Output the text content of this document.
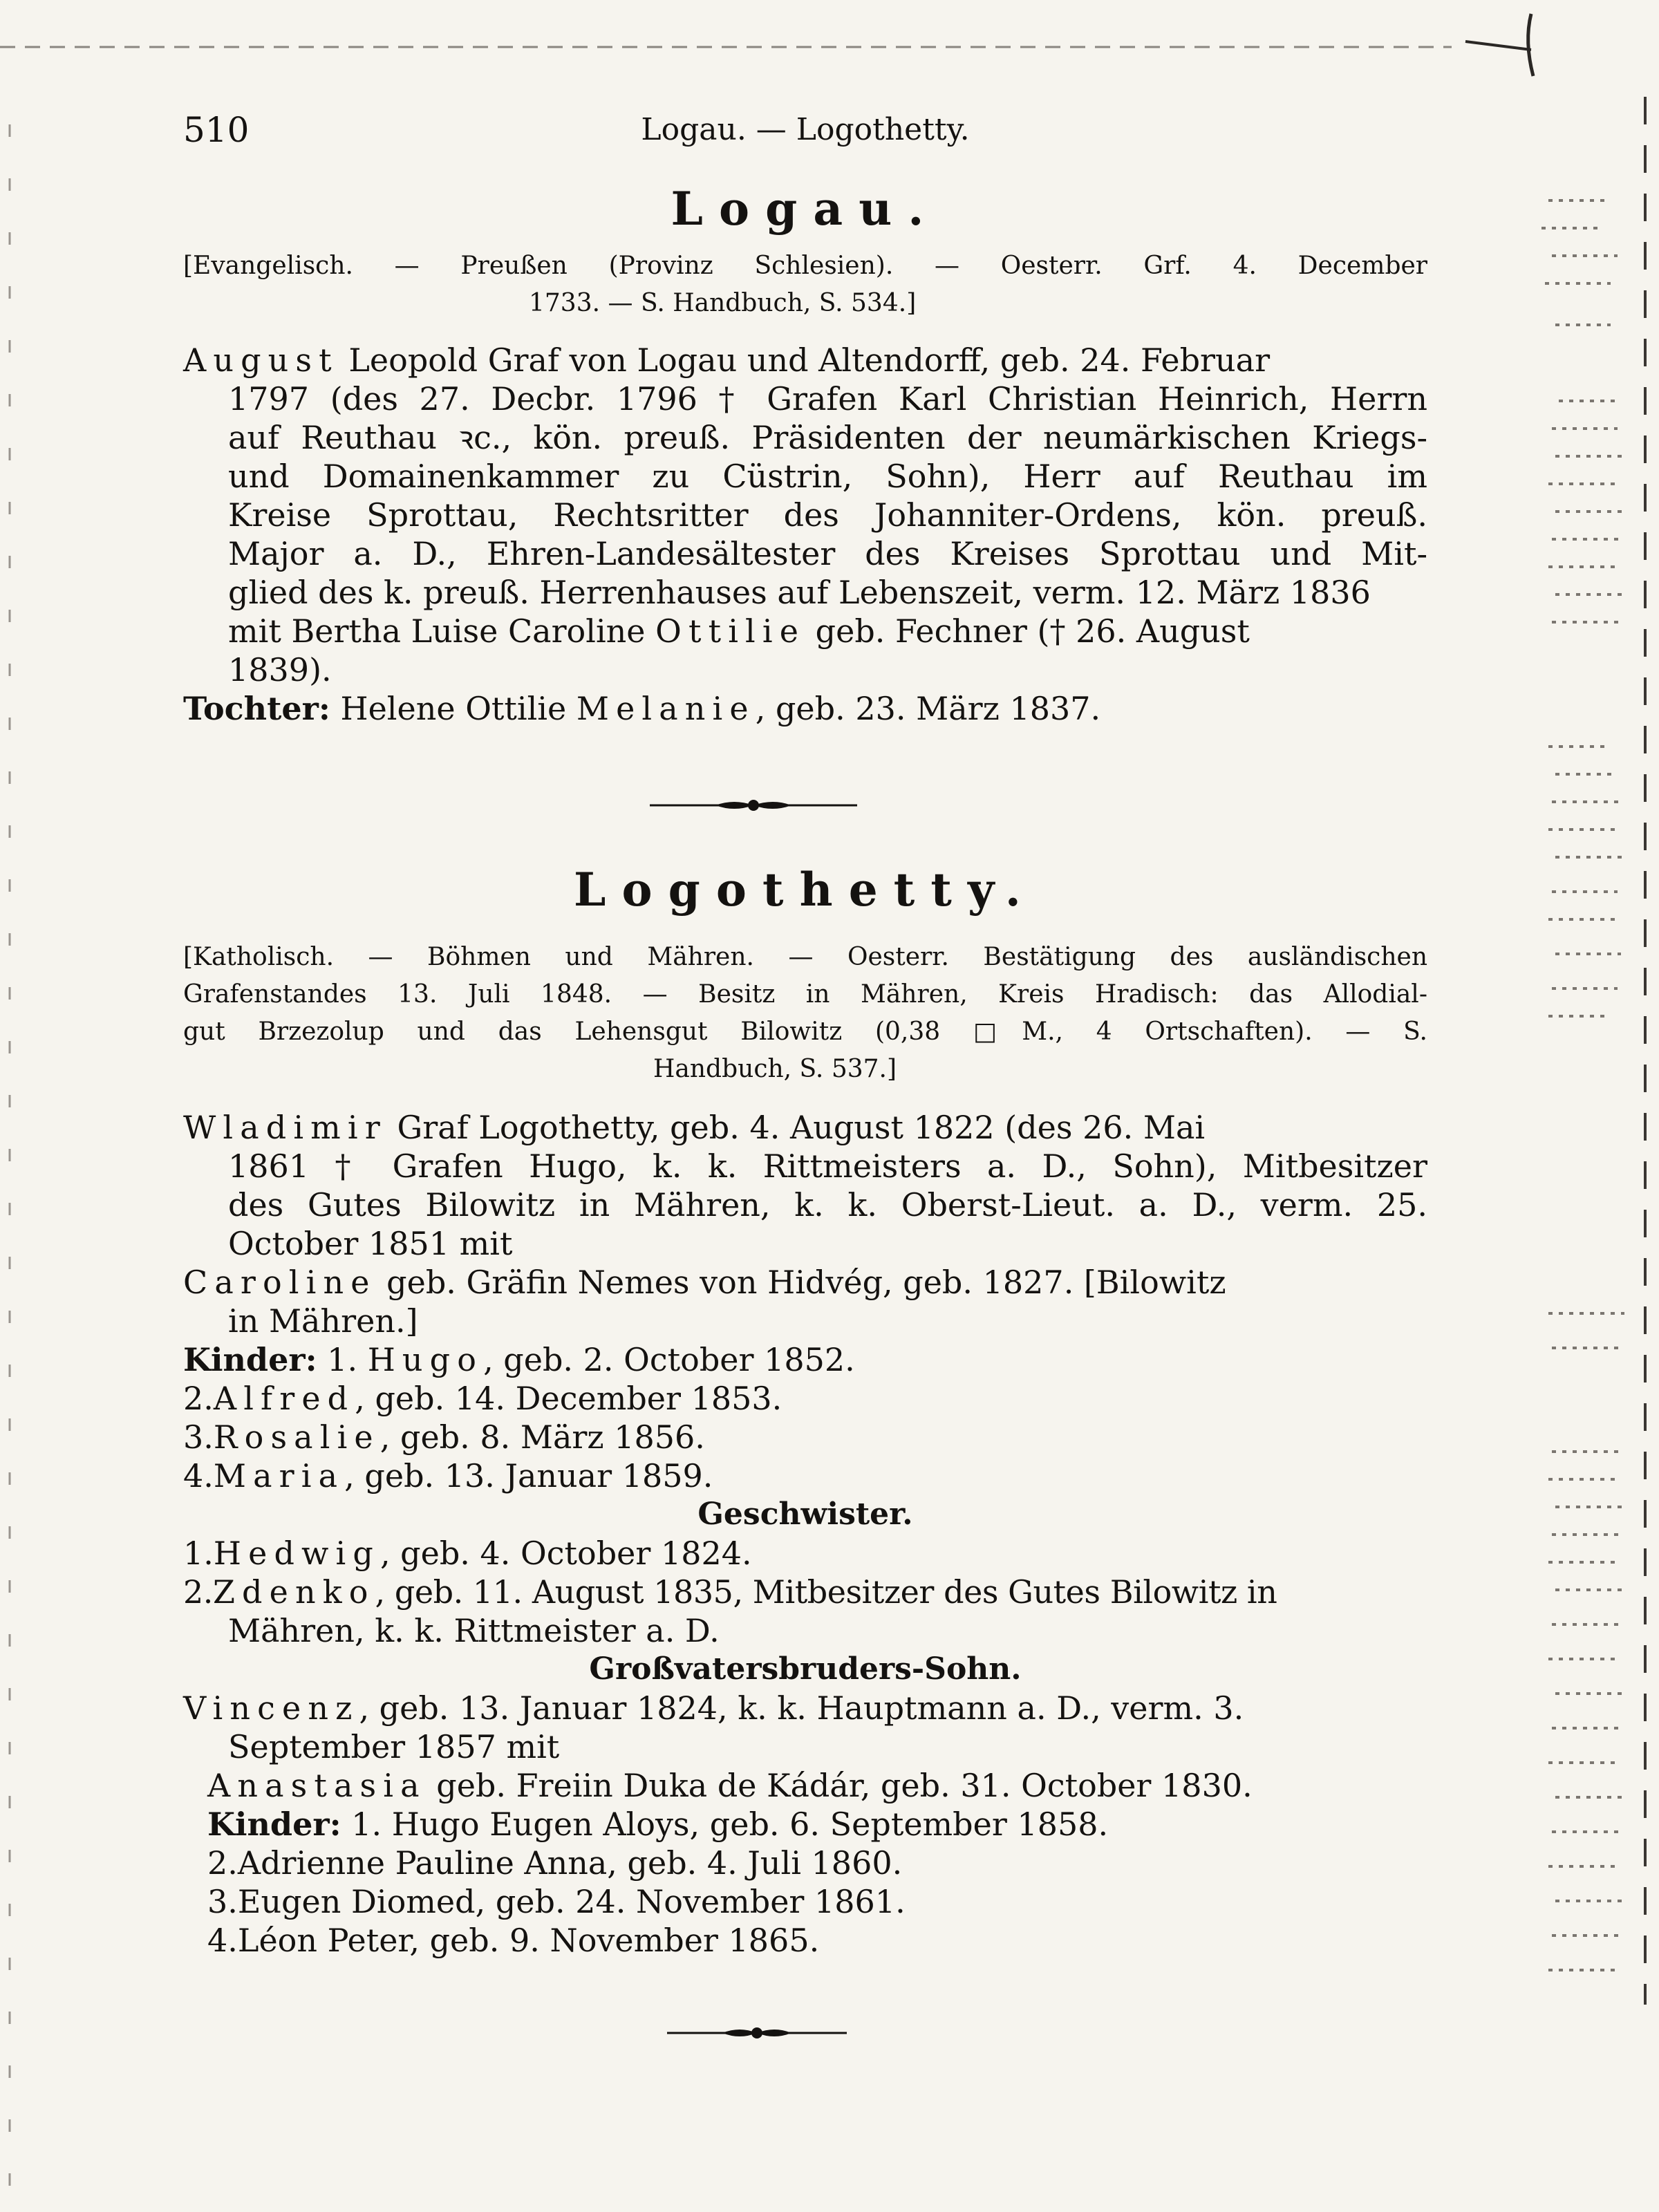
510	Logau. — Logothetty.
Logau.
[Evangelisch. — Preußen (Provinz Schlesien). — Oesterr. Grf. 4. December
1733. — S. Handbuch, S. 534.]
August Leopold Graf von Logau und Altendorff, geb. 24. Februar
1797 (des 27. Decbr. 1796 † Grafen Karl Christian Heinrich, Herrn
auf Reuthau ꝛc., kön. preuß. Präsidenten der neumärkischen Kriegs-
und Domainenkammer zu Cüstrin, Sohn), Herr auf Reuthau im
Kreise Sprottau, Rechtsritter des Johanniter-Ordens, kön. preuß.
Major a. D., Ehren-Landesältester des Kreises Sprottau und Mit-
glied des k. preuß. Herrenhauses auf Lebenszeit, verm. 12. März 1836
mit Bertha Luise Caroline Ottilie geb. Fechner († 26. August
1839).
Tochter: Helene Ottilie Melanie, geb. 23. März 1837.
Logothetty.
[Katholisch. — Böhmen und Mähren. — Oesterr. Bestätigung des ausländischen
Grafenstandes 13. Juli 1848. — Besitz in Mähren, Kreis Hradisch: das Allodial-
gut Brzezolup und das Lehensgut Bilowitz (0,38 □M., 4 Ortschaften). — S.
Handbuch, S. 537.]
Wladimir Graf Logothetty, geb. 4. August 1822 (des 26. Mai
1861 † Grafen Hugo, k. k. Rittmeisters a. D., Sohn), Mitbesitzer
des Gutes Bilowitz in Mähren, k. k. Oberst-Lieut. a. D., verm. 25.
October 1851 mit
Caroline geb. Gräfin Nemes von Hidvég, geb. 1827. [Bilowitz
in Mähren.]
Kinder: 1. Hugo, geb. 2. October 1852.
2.Alfred, geb. 14. December 1853.
3.Rosalie, geb. 8. März 1856.
4.Maria, geb. 13. Januar 1859.
Geschwister.
1.Hedwig, geb. 4. October 1824.
2.Zdenko, geb. 11. August 1835, Mitbesitzer des Gutes Bilowitz in
Mähren, k. k. Rittmeister a. D.
Großvatersbruders-Sohn.
Vincenz, geb. 13. Januar 1824, k. k. Hauptmann a. D., verm. 3.
September 1857 mit
Anastasia geb. Freiin Duka de Kádár, geb. 31. October 1830.
Kinder: 1. Hugo Eugen Aloys, geb. 6. September 1858.
2.Adrienne Pauline Anna, geb. 4. Juli 1860.
3.Eugen Diomed, geb. 24. November 1861.
4.Léon Peter, geb. 9. November 1865.
